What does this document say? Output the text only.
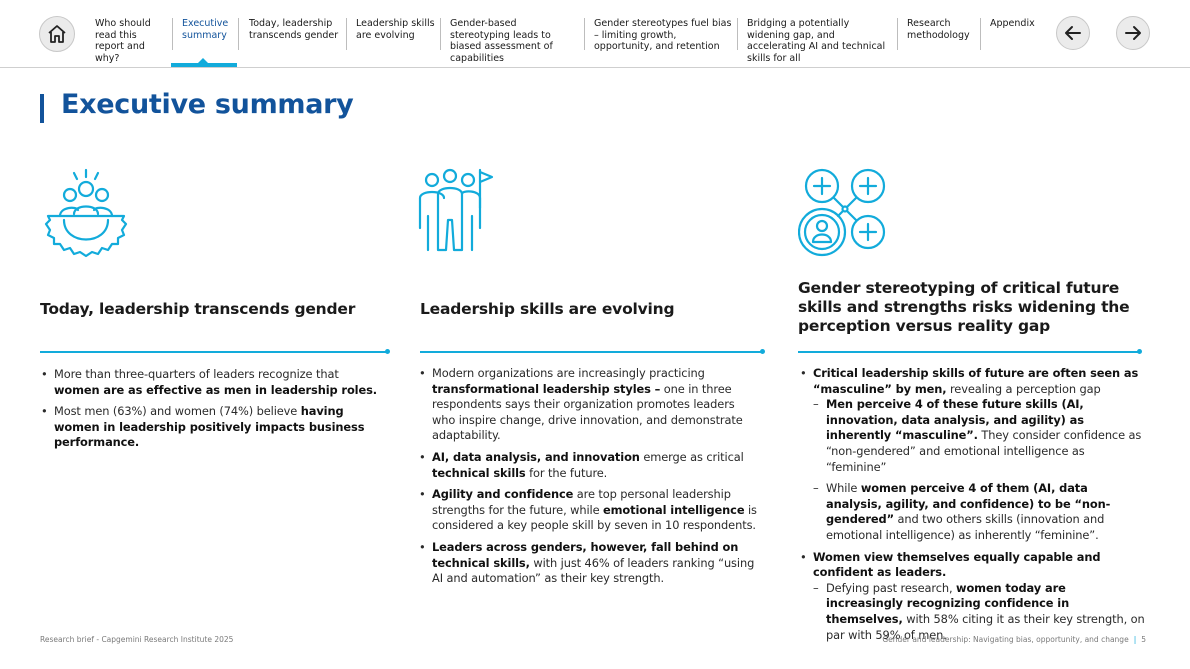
Who should read this report and why?
Executive summary
Today, leadership transcends gender
Leadership skills are evolving
Gender-based stereotyping leads to biased assessment of capabilities
Gender stereotypes fuel bias – limiting growth, opportunity, and retention
Bridging a potentially widening gap, and accelerating AI and technical skills for all
Research methodology
Appendix
Executive summary
Today, leadership transcends gender
• More than three-quarters of leaders recognize that women are as effective as men in leadership roles.
• Most men (63%) and women (74%) believe having women in leadership positively impacts business performance.
Leadership skills are evolving
• Modern organizations are increasingly practicing transformational leadership styles – one in three respondents says their organization promotes leaders who inspire change, drive innovation, and demonstrate adaptability.
• AI, data analysis, and innovation emerge as critical technical skills for the future.
• Agility and confidence are top personal leadership strengths for the future, while emotional intelligence is considered a key people skill by seven in 10 respondents.
• Leaders across genders, however, fall behind on technical skills, with just 46% of leaders ranking “using AI and automation” as their key strength.
Gender stereotyping of critical future skills and strengths risks widening the perception versus reality gap
• Critical leadership skills of future are often seen as “masculine” by men, revealing a perception gap
– Men perceive 4 of these future skills (AI, innovation, data analysis, and agility) as inherently “masculine”. They consider confidence as “non-gendered” and emotional intelligence as “feminine”
– While women perceive 4 of them (AI, data analysis, agility, and confidence) to be “non-gendered” and two others skills (innovation and emotional intelligence) as inherently “feminine”.
• Women view themselves equally capable and confident as leaders.
– Defying past research, women today are increasingly recognizing confidence in themselves, with 58% citing it as their key strength, on par with 59% of men.
Research brief - Capgemini Research Institute 2025	Gender and leadership: Navigating bias, opportunity, and change | 5
